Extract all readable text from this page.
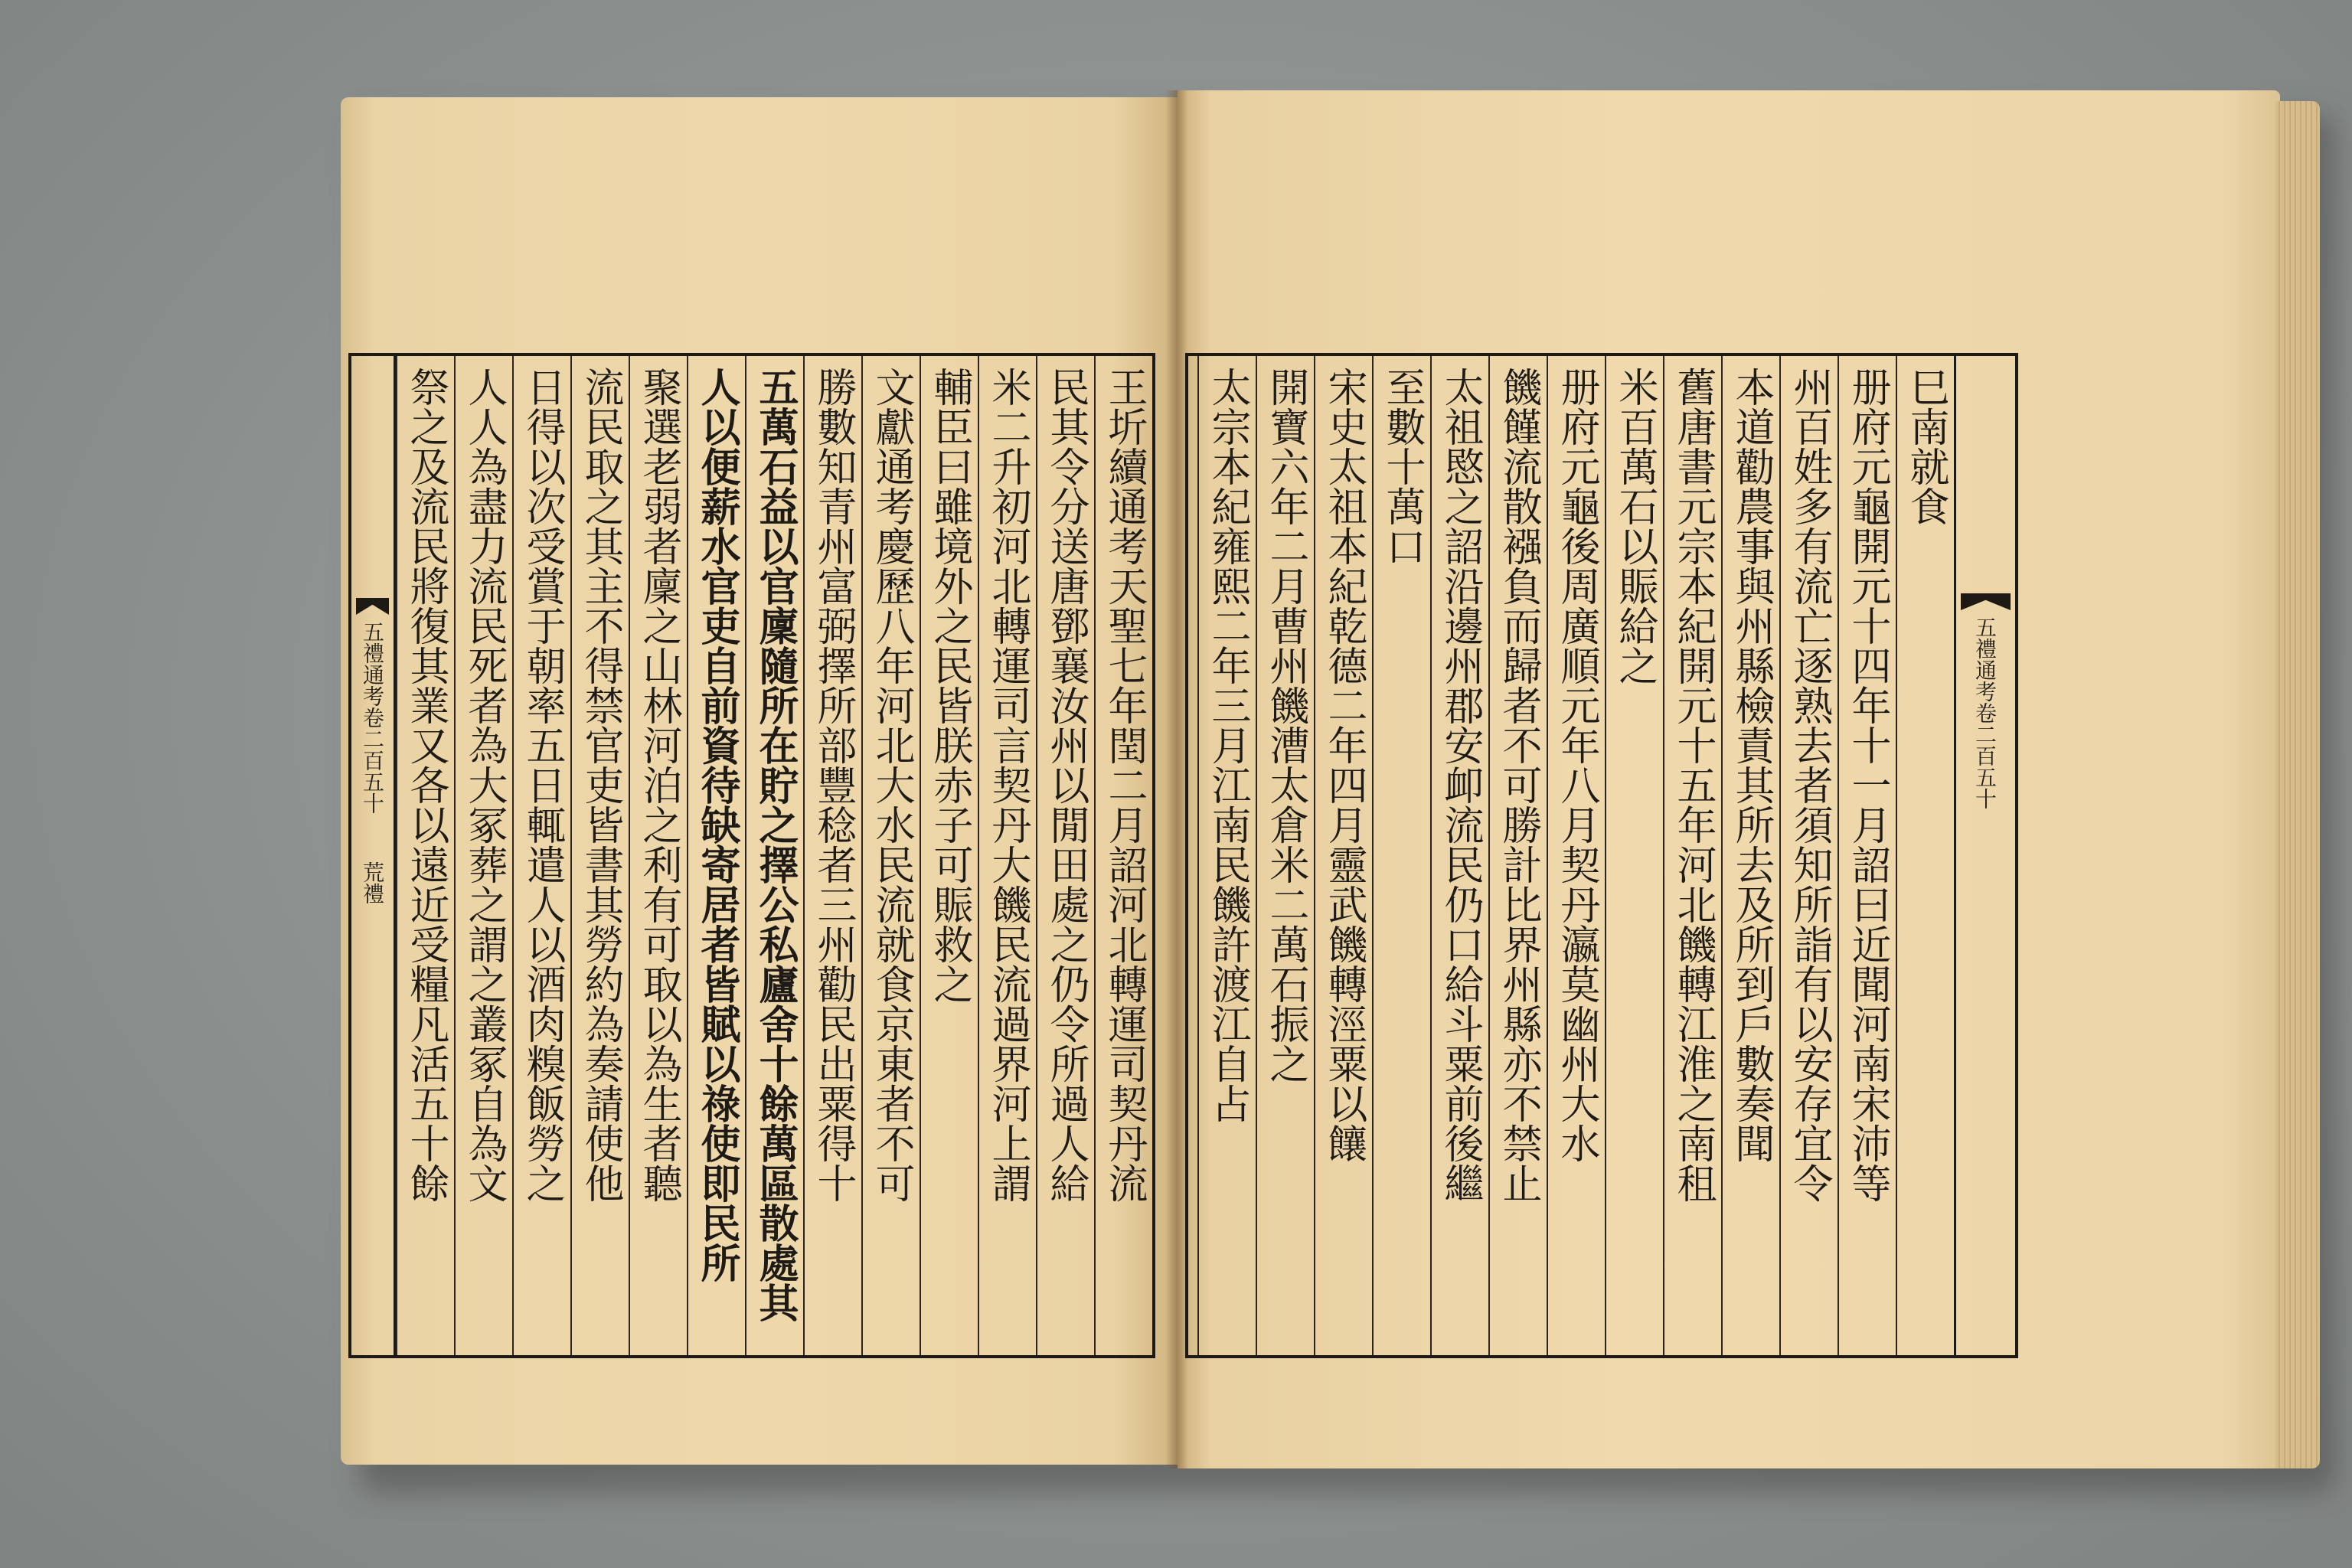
巳南就食
册府元龜開元十四年十一月詔曰近聞河南宋沛等
州百姓多有流亡逐熟去者須知所詣有以安存宜令
本道勸農事與州縣檢責其所去及所到戶數奏聞
舊唐書元宗本紀開元十五年河北饑轉江淮之南租
米百萬石以賑給之
册府元龜後周廣順元年八月契丹瀛莫幽州大水
饑饉流散襁負而歸者不可勝計比界州縣亦不禁止
太祖愍之詔沿邊州郡安卹流民仍口給斗粟前後繼
至數十萬口
宋史太祖本紀乾德二年四月靈武饑轉涇粟以饟
開寶六年二月曹州饑漕太倉米二萬石振之
太宗本紀雍熙二年三月江南民饑許渡江自占	五禮通考卷二百五十
五禮通考卷二百五十
荒禮	王圻續通考天聖七年閏二月詔河北轉運司契丹流
民其令分送唐鄧襄汝州以閒田處之仍令所過人給
米二升初河北轉運司言契丹大饑民流過界河上謂
輔臣曰雖境外之民皆朕赤子可賑救之
文獻通考慶歷八年河北大水民流就食京東者不可
勝數知青州富弼擇所部豐稔者三州勸民出粟得十
五萬石益以官廩隨所在貯之擇公私廬舍十餘萬區散處其
人以便薪水官吏自前資待缺寄居者皆賦以祿使即民所
聚選老弱者廩之山林河泊之利有可取以為生者聽
流民取之其主不得禁官吏皆書其勞約為奏請使他
日得以次受賞于朝率五日輒遣人以酒肉糗飯勞之
人人為盡力流民死者為大冢葬之謂之叢冢自為文
祭之及流民將復其業又各以遠近受糧凡活五十餘
